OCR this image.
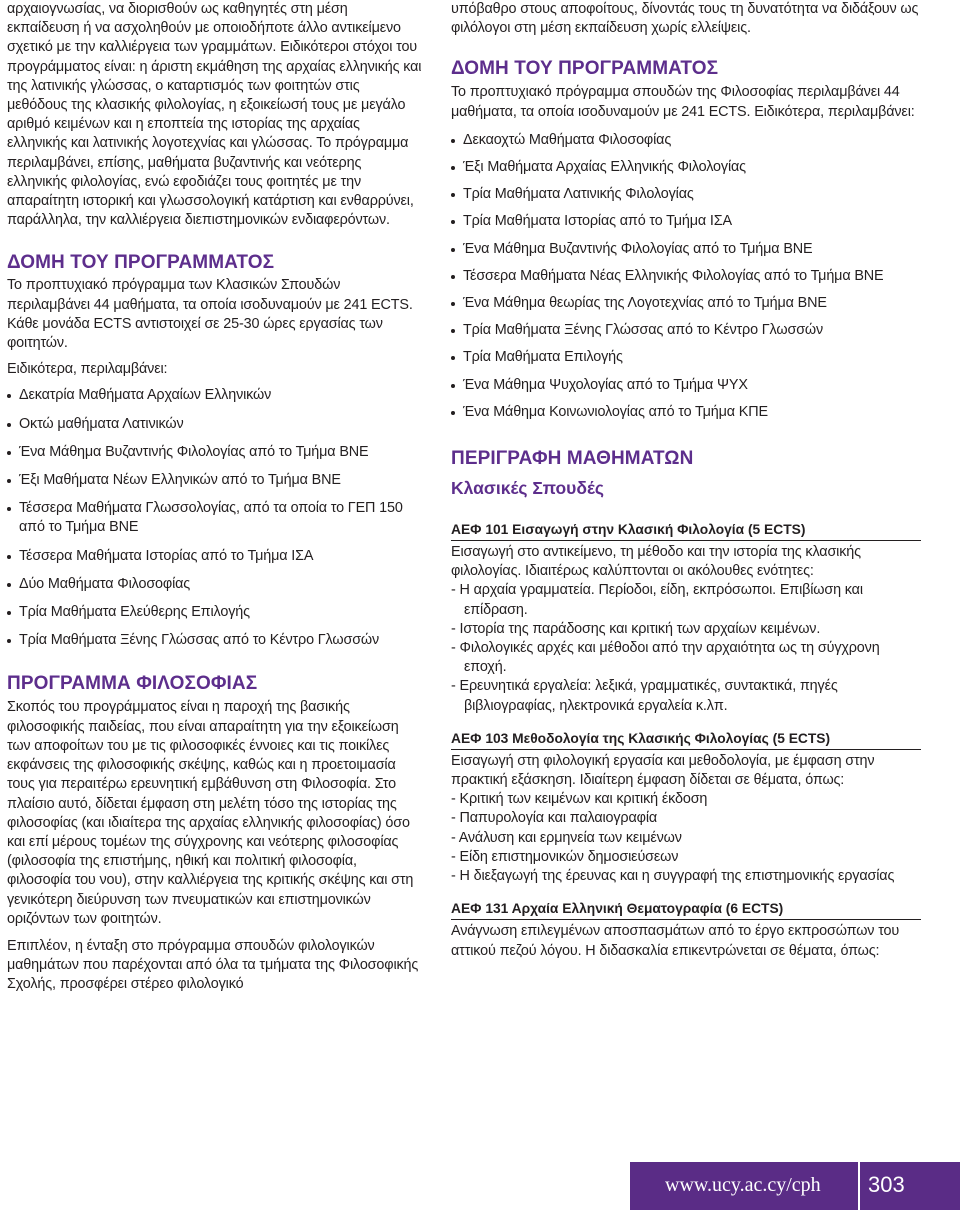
αρχαιογνωσίας, να διορισθούν ως καθηγητές στη μέση εκπαίδευση ή να ασχοληθούν με οποιοδήποτε άλλο αντικείμενο σχετικό με την καλλιέργεια των γραμμάτων. Ειδικότεροι στόχοι του προγράμματος είναι: η άριστη εκμάθηση της αρχαίας ελληνικής και της λατινικής γλώσσας, ο καταρτισμός των φοιτητών στις μεθόδους της κλασικής φιλολογίας, η εξοικείωσή τους με μεγάλο αριθμό κειμένων και η εποπτεία της ιστορίας της αρχαίας ελληνικής και λατινικής λογοτεχνίας και γλώσσας. Το πρόγραμμα περιλαμβάνει, επίσης, μαθήματα βυζαντινής και νεότερης ελληνικής φιλολογίας, ενώ εφοδιάζει τους φοιτητές με την απαραίτητη ιστορική και γλωσσολογική κατάρτιση και ενθαρρύνει, παράλληλα, την καλλιέργεια διεπιστημονικών ενδιαφερόντων.

ΔΟΜΗ ΤΟΥ ΠΡΟΓΡΑΜΜΑΤΟΣ

Το προπτυχιακό πρόγραμμα των Κλασικών Σπουδών περιλαμβάνει 44 μαθήματα, τα οποία ισοδυναμούν με 241 ECTS. Κάθε μονάδα ECTS αντιστοιχεί σε 25-30 ώρες εργασίας των φοιτητών.

Ειδικότερα, περιλαμβάνει:

Δεκατρία Μαθήματα Αρχαίων Ελληνικών
Οκτώ μαθήματα Λατινικών
Ένα Μάθημα Βυζαντινής Φιλολογίας από το Τμήμα ΒΝΕ
Έξι Μαθήματα Νέων Ελληνικών από το Τμήμα ΒΝΕ
Τέσσερα Μαθήματα Γλωσσολογίας, από τα οποία το ΓΕΠ 150 από το Τμήμα ΒΝΕ
Τέσσερα Μαθήματα Ιστορίας από το Τμήμα ΙΣΑ
Δύο Μαθήματα Φιλοσοφίας
Τρία Μαθήματα Ελεύθερης Επιλογής
Τρία Μαθήματα Ξένης Γλώσσας από το Κέντρο Γλωσσών
ΠΡΟΓΡΑΜΜΑ ΦΙΛΟΣΟΦΙΑΣ

Σκοπός του προγράμματος είναι η παροχή της βασικής φιλοσοφικής παιδείας, που είναι απαραίτητη για την εξοικείωση των αποφοίτων του με τις φιλοσοφικές έννοιες και τις ποικίλες εκφάνσεις της φιλοσοφικής σκέψης, καθώς και η προετοιμασία τους για περαιτέρω ερευνητική εμβάθυνση στη Φιλοσοφία. Στο πλαίσιο αυτό, δίδεται έμφαση στη μελέτη τόσο της ιστορίας της φιλοσοφίας (και ιδιαίτερα της αρχαίας ελληνικής φιλοσοφίας) όσο και επί μέρους τομέων της σύγχρονης και νεότερης φιλοσοφίας (φιλοσοφία της επιστήμης, ηθική και πολιτική φιλοσοφία, φιλοσοφία του νου), στην καλλιέργεια της κριτικής σκέψης και στη γενικότερη διεύρυνση των πνευματικών και επιστημονικών οριζόντων των φοιτητών.

Επιπλέον, η ένταξη στο πρόγραμμα σπουδών φιλολογικών μαθημάτων που παρέχονται από όλα τα τμήματα της Φιλοσοφικής Σχολής, προσφέρει στέρεο φιλολογικό

υπόβαθρο στους αποφοίτους, δίνοντάς τους τη δυνατότητα να διδάξουν ως φιλόλογοι στη μέση εκπαίδευση χωρίς ελλείψεις.

ΔΟΜΗ ΤΟΥ ΠΡΟΓΡΑΜΜΑΤΟΣ

Το προπτυχιακό πρόγραμμα σπουδών της Φιλοσοφίας περιλαμβάνει 44 μαθήματα, τα οποία ισοδυναμούν με 241 ECTS. Ειδικότερα, περιλαμβάνει:

Δεκαοχτώ Μαθήματα Φιλοσοφίας
Έξι Μαθήματα Αρχαίας Ελληνικής Φιλολογίας
Τρία Μαθήματα Λατινικής Φιλολογίας
Τρία Μαθήματα Ιστορίας από το Τμήμα ΙΣΑ
Ένα Μάθημα Βυζαντινής Φιλολογίας από το Τμήμα ΒΝΕ
Τέσσερα Μαθήματα Νέας Ελληνικής Φιλολογίας από το Τμήμα ΒΝΕ
Ένα Μάθημα θεωρίας της Λογοτεχνίας από το Τμήμα ΒΝΕ
Τρία Μαθήματα Ξένης Γλώσσας από το Κέντρο Γλωσσών
Τρία Μαθήματα Επιλογής
Ένα Μάθημα Ψυχολογίας από το Τμήμα ΨΥΧ
Ένα Μάθημα Κοινωνιολογίας από το Τμήμα ΚΠΕ
ΠΕΡΙΓΡΑΦΗ ΜΑΘΗΜΑΤΩΝ
Κλασικές Σπουδές
ΑΕΦ 101 Εισαγωγή στην Κλασική Φιλολογία (5 ECTS)

Εισαγωγή στο αντικείμενο, τη μέθοδο και την ιστορία της κλασικής φιλολογίας. Ιδιαιτέρως καλύπτονται οι ακόλουθες ενότητες:

- Η αρχαία γραμματεία. Περίοδοι, είδη, εκπρόσωποι. Επιβίωση και επίδραση.
- Ιστορία της παράδοσης και κριτική των αρχαίων κειμένων.
- Φιλολογικές αρχές και μέθοδοι από την αρχαιότητα ως τη σύγχρονη εποχή.
- Ερευνητικά εργαλεία: λεξικά, γραμματικές, συντακτικά, πηγές βιβλιογραφίας, ηλεκτρονικά εργαλεία κ.λπ.
ΑΕΦ 103 Μεθοδολογία της Κλασικής Φιλολογίας (5 ECTS)

Εισαγωγή στη φιλολογική εργασία και μεθοδολογία, με έμφαση στην πρακτική εξάσκηση. Ιδιαίτερη έμφαση δίδεται σε θέματα, όπως:

- Κριτική των κειμένων και κριτική έκδοση
- Παπυρολογία και παλαιογραφία
- Ανάλυση και ερμηνεία των κειμένων
- Είδη επιστημονικών δημοσιεύσεων
- Η διεξαγωγή της έρευνας και η συγγραφή της επιστημονικής εργασίας
ΑΕΦ 131 Αρχαία Ελληνική Θεματογραφία (6 ECTS)

Ανάγνωση επιλεγμένων αποσπασμάτων από το έργο εκπροσώπων του αττικού πεζού λόγου. Η διδασκαλία επικεντρώνεται σε θέματα, όπως:

www.ucy.ac.cy/cph 303
